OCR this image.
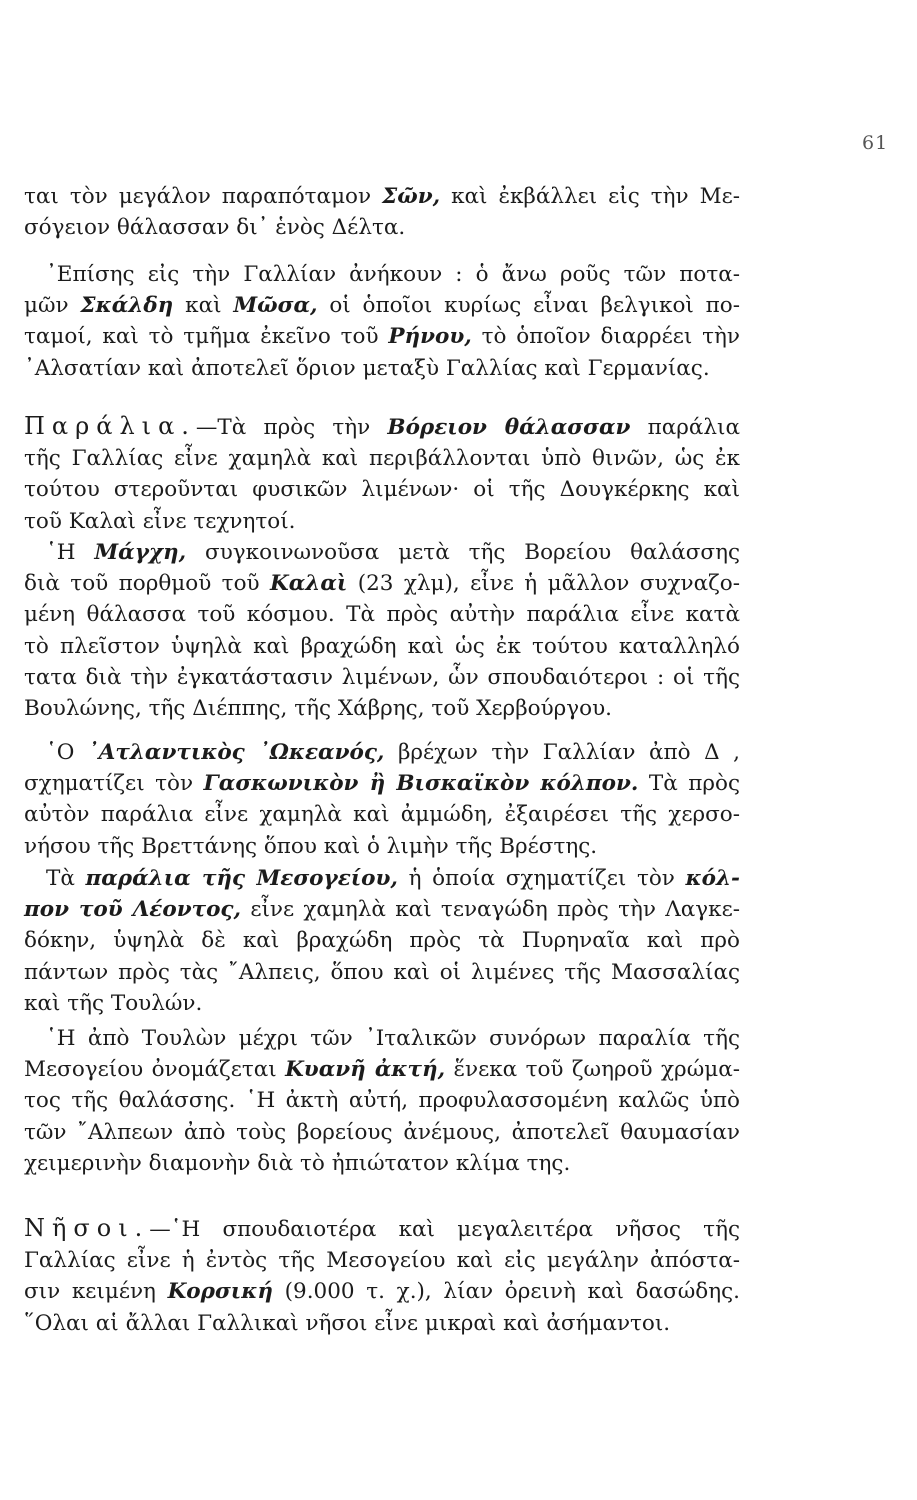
61
ται τὸν μεγάλον παραπόταμον Σῶν, καὶ ἐκβάλλει εἰς τὴν Με-
σόγειον θάλασσαν δι᾽ ἑνὸς Δέλτα.
᾽Επίσης εἰς τὴν Γαλλίαν ἀνήκουν : ὁ ἄνω ροῦς τῶν ποτα-
μῶν Σκάλδη καὶ Μῶσα, οἱ ὁποῖοι κυρίως εἶναι βελγικοὶ πο-
ταμοί, καὶ τὸ τμῆμα ἐκεῖνο τοῦ Ρήνου, τὸ ὁποῖον διαρρέει τὴν
᾽Αλσατίαν καὶ ἀποτελεῖ ὅριον μεταξὺ Γαλλίας καὶ Γερμανίας.
Παράλια.—Τὰ πρὸς τὴν Βόρειον θάλασσαν παράλια
τῆς Γαλλίας εἶνε χαμηλὰ καὶ περιβάλλονται ὑπὸ θινῶν, ὡς ἐκ
τούτου στεροῦνται φυσικῶν λιμένων· οἱ τῆς Δουγκέρκης καὶ
τοῦ Καλαὶ εἶνε τεχνητοί.
῾Η Μάγχη, συγκοινωνοῦσα μετὰ τῆς Βορείου θαλάσσης
διὰ τοῦ πορθμοῦ τοῦ Καλαὶ (23 χλμ), εἶνε ἡ μᾶλλον συχναζο-
μένη θάλασσα τοῦ κόσμου. Τὰ πρὸς αὐτὴν παράλια εἶνε κατὰ
τὸ πλεῖστον ὑψηλὰ καὶ βραχώδη καὶ ὡς ἐκ τούτου καταλληλό
τατα διὰ τὴν ἐγκατάστασιν λιμένων, ὧν σπουδαιότεροι : οἱ τῆς
Βουλώνης, τῆς Διέππης, τῆς Χάβρης, τοῦ Χερβούργου.
῾Ο ᾽Ατλαντικὸς ᾽Ωκεανός, βρέχων τὴν Γαλλίαν ἀπὸ Δ ,
σχηματίζει τὸν Γασκωνικὸν ἢ Βισκαϊκὸν κόλπον. Τὰ πρὸς
αὐτὸν παράλια εἶνε χαμηλὰ καὶ ἀμμώδη, ἐξαιρέσει τῆς χερσο-
νήσου τῆς Βρεττάνης ὅπου καὶ ὁ λιμὴν τῆς Βρέστης.
Τὰ παράλια τῆς Μεσογείου, ἡ ὁποία σχηματίζει τὸν κόλ-
πον τοῦ Λέοντος, εἶνε χαμηλὰ καὶ τεναγώδη πρὸς τὴν Λαγκε-
δόκην, ὑψηλὰ δὲ καὶ βραχώδη πρὸς τὰ Πυρηναῖα καὶ πρὸ
πάντων πρὸς τὰς ῎Αλπεις, ὅπου καὶ οἱ λιμένες τῆς Μασσαλίας
καὶ τῆς Τουλών.
῾Η ἀπὸ Τουλὼν μέχρι τῶν ᾽Ιταλικῶν συνόρων παραλία τῆς
Μεσογείου ὀνομάζεται Κυανῆ ἀκτή, ἕνεκα τοῦ ζωηροῦ χρώμα-
τος τῆς θαλάσσης. ῾Η ἀκτὴ αὐτή, προφυλασσομένη καλῶς ὑπὸ
τῶν ῎Αλπεων ἀπὸ τοὺς βορείους ἀνέμους, ἀποτελεῖ θαυμασίαν
χειμερινὴν διαμονὴν διὰ τὸ ἠπιώτατον κλίμα της.
Νῆσοι.—῾Η σπουδαιοτέρα καὶ μεγαλειτέρα νῆσος τῆς
Γαλλίας εἶνε ἡ ἐντὸς τῆς Μεσογείου καὶ εἰς μεγάλην ἀπόστα-
σιν κειμένη Κορσική (9.000 τ. χ.), λίαν ὀρεινὴ καὶ δασώδης.
῞Ολαι αἱ ἄλλαι Γαλλικαὶ νῆσοι εἶνε μικραὶ καὶ ἀσήμαντοι.
